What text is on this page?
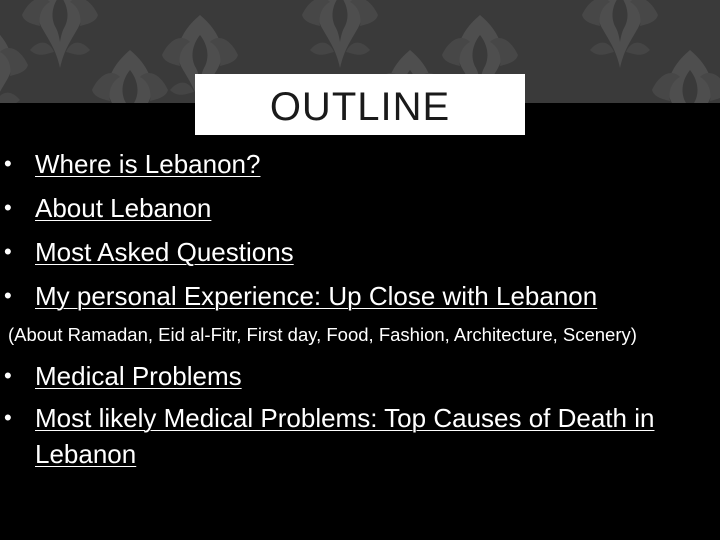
OUTLINE
• Where is Lebanon?
• About Lebanon
• Most Asked Questions
• My personal Experience: Up Close with Lebanon
(About Ramadan, Eid al-Fitr, First day, Food, Fashion, Architecture, Scenery)
• Medical Problems
• Most likely Medical Problems: Top Causes of Death in Lebanon
